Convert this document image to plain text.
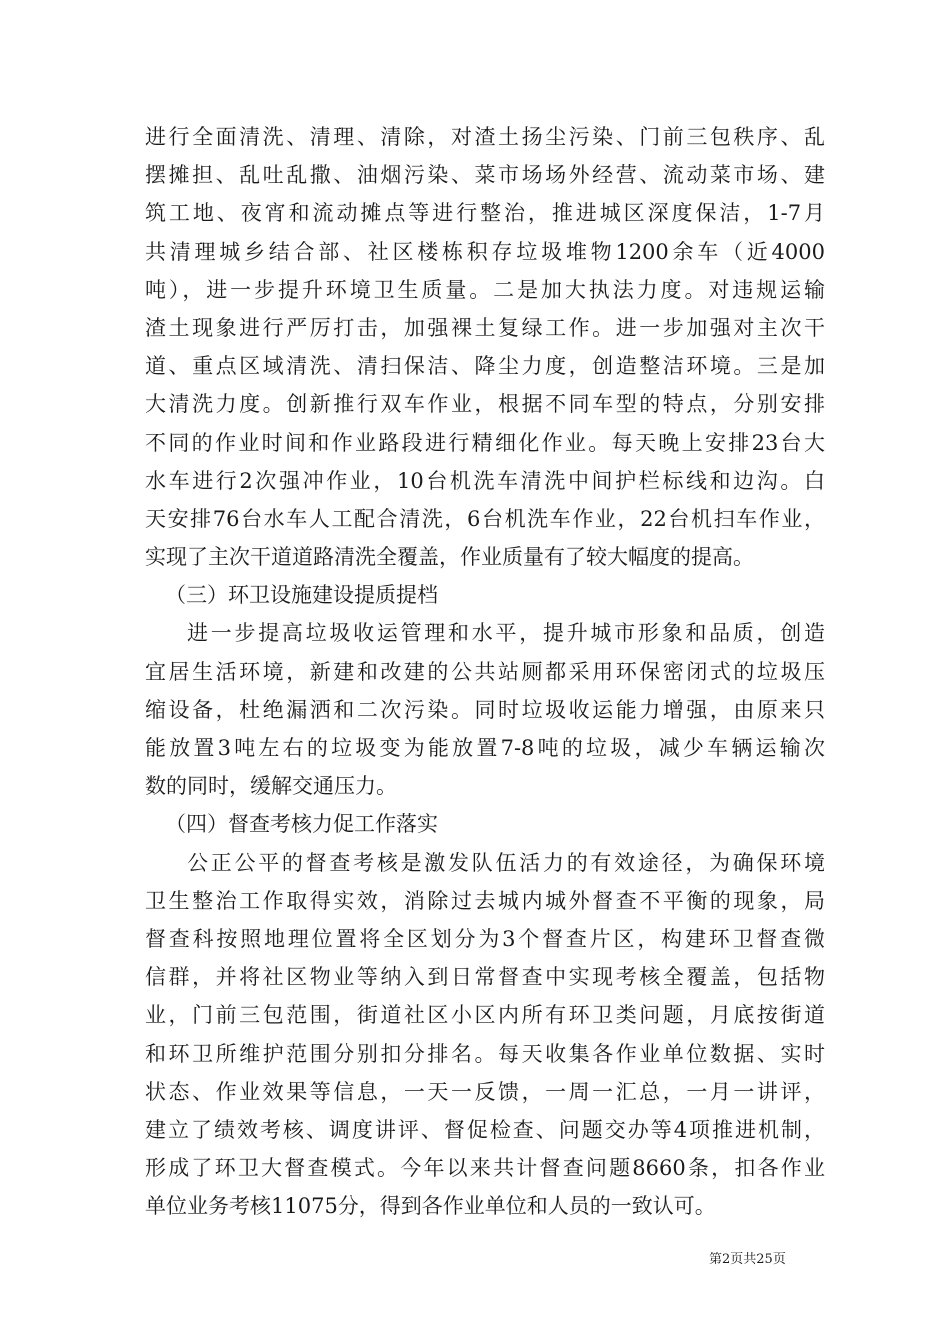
进行全面清洗、清理、清除，对渣土扬尘污染、门前三包秩序、乱
摆摊担、乱吐乱撒、油烟污染、菜市场场外经营、流动菜市场、建
筑工地、夜宵和流动摊点等进行整治，推进城区深度保洁，1-7月
共清理城乡结合部、社区楼栋积存垃圾堆物1200余车（近4000
吨），进一步提升环境卫生质量。二是加大执法力度。对违规运输
渣土现象进行严厉打击，加强裸土复绿工作。进一步加强对主次干
道、重点区域清洗、清扫保洁、降尘力度，创造整洁环境。三是加
大清洗力度。创新推行双车作业，根据不同车型的特点，分别安排
不同的作业时间和作业路段进行精细化作业。每天晚上安排23台大
水车进行2次强冲作业，10台机洗车清洗中间护栏标线和边沟。白
天安排76台水车人工配合清洗，6台机洗车作业，22台机扫车作业，
实现了主次干道道路清洗全覆盖，作业质量有了较大幅度的提高。
（三）环卫设施建设提质提档
进一步提高垃圾收运管理和水平，提升城市形象和品质，创造
宜居生活环境，新建和改建的公共站厕都采用环保密闭式的垃圾压
缩设备，杜绝漏洒和二次污染。同时垃圾收运能力增强，由原来只
能放置3吨左右的垃圾变为能放置7-8吨的垃圾，减少车辆运输次
数的同时，缓解交通压力。
（四）督查考核力促工作落实
公正公平的督查考核是激发队伍活力的有效途径，为确保环境
卫生整治工作取得实效，消除过去城内城外督查不平衡的现象，局
督查科按照地理位置将全区划分为3个督查片区，构建环卫督查微
信群，并将社区物业等纳入到日常督查中实现考核全覆盖，包括物
业，门前三包范围，街道社区小区内所有环卫类问题，月底按街道
和环卫所维护范围分别扣分排名。每天收集各作业单位数据、实时
状态、作业效果等信息，一天一反馈，一周一汇总，一月一讲评，
建立了绩效考核、调度讲评、督促检查、问题交办等4项推进机制，
形成了环卫大督查模式。今年以来共计督查问题8660条，扣各作业
单位业务考核11075分，得到各作业单位和人员的一致认可。
第2页共25页
